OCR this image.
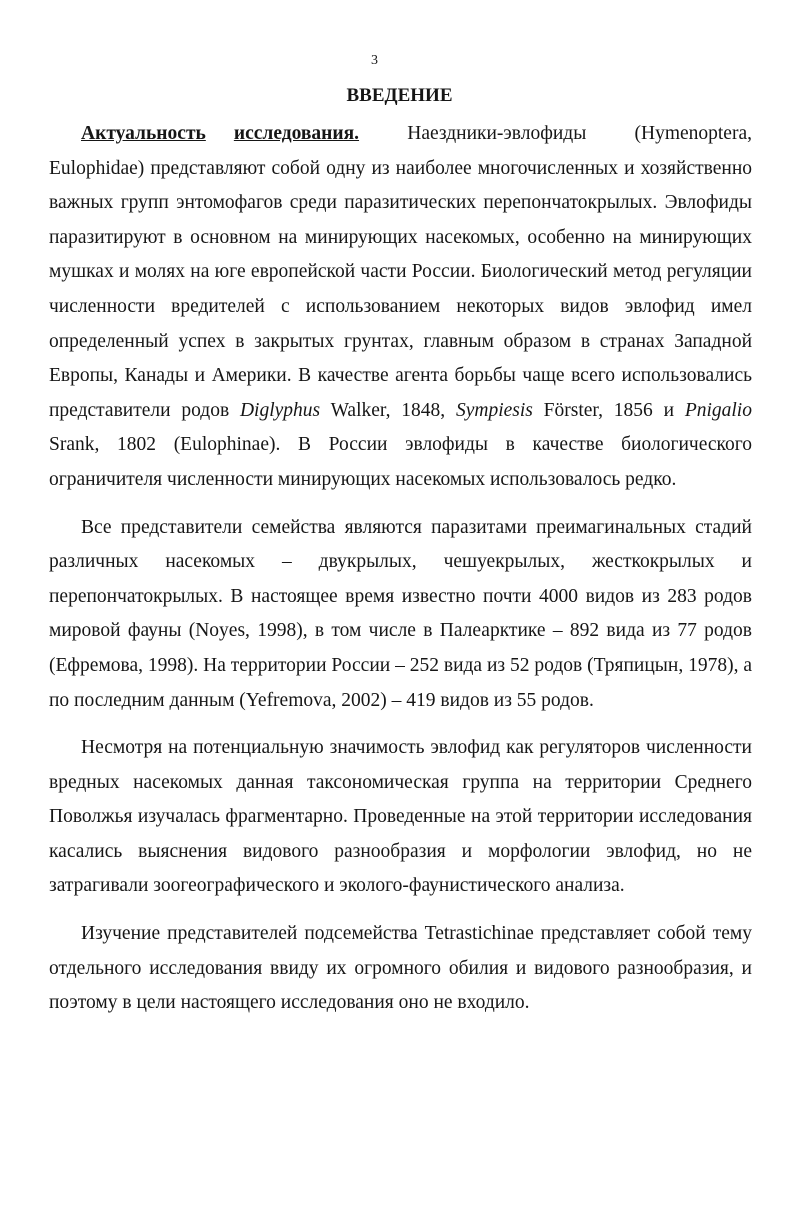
3
ВВЕДЕНИЕ

Актуальность исследования. Наездники-эвлофиды (Hymenoptera, Eulophidae) представляют собой одну из наиболее многочисленных и хозяйственно важных групп энтомофагов среди паразитических перепончатокрылых. Эвлофиды паразитируют в основном на минирующих насекомых, особенно на минирующих мушках и молях на юге европейской части России. Биологический метод регуляции численности вредителей с использованием некоторых видов эвлофид имел определенный успех в закрытых грунтах, главным образом в странах Западной Европы, Канады и Америки. В качестве агента борьбы чаще всего использовались представители родов Diglyphus Walker, 1848, Sympiesis Förster, 1856 и Pnigalio Srank, 1802 (Eulophinae). В России эвлофиды в качестве биологического ограничителя численности минирующих насекомых использовалось редко.

Все представители семейства являются паразитами преимагинальных стадий различных насекомых – двукрылых, чешуекрылых, жесткокрылых и перепончатокрылых. В настоящее время известно почти 4000 видов из 283 родов мировой фауны (Noyes, 1998), в том числе в Палеарктике – 892 вида из 77 родов (Ефремова, 1998). На территории России – 252 вида из 52 родов (Тряпицын, 1978), а по последним данным (Yefremova, 2002) – 419 видов из 55 родов.

Несмотря на потенциальную значимость эвлофид как регуляторов численности вредных насекомых данная таксономическая группа на территории Среднего Поволжья изучалась фрагментарно. Проведенные на этой территории исследования касались выяснения видового разнообразия и морфологии эвлофид, но не затрагивали зоогеографического и эколого-фаунистического анализа.

Изучение представителей подсемейства Tetrastichinae представляет собой тему отдельного исследования ввиду их огромного обилия и видового разнообразия, и поэтому в цели настоящего исследования оно не входило.
